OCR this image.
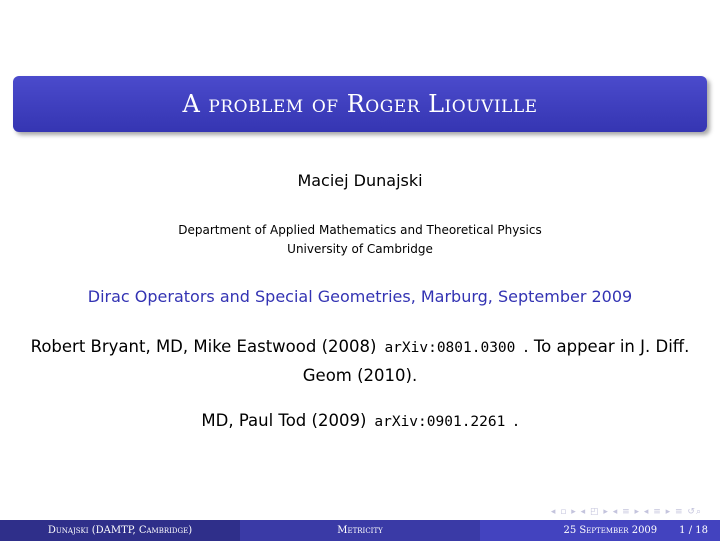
A problem of Roger Liouville
Maciej Dunajski
Department of Applied Mathematics and Theoretical Physics
University of Cambridge
Dirac Operators and Special Geometries, Marburg, September 2009
Robert Bryant, MD, Mike Eastwood (2008) arXiv:0801.0300 . To appear in J. Diff. Geom (2010).
MD, Paul Tod (2009) arXiv:0901.2261 .
◂ ▫ ▸ ◂ ◰ ▸ ◂ ≡ ▸ ◂ ≡ ▸ ≡ ↺⌕
Dunajski (DAMTP, Cambridge)	Metricity	25 September 2009 1 / 18
